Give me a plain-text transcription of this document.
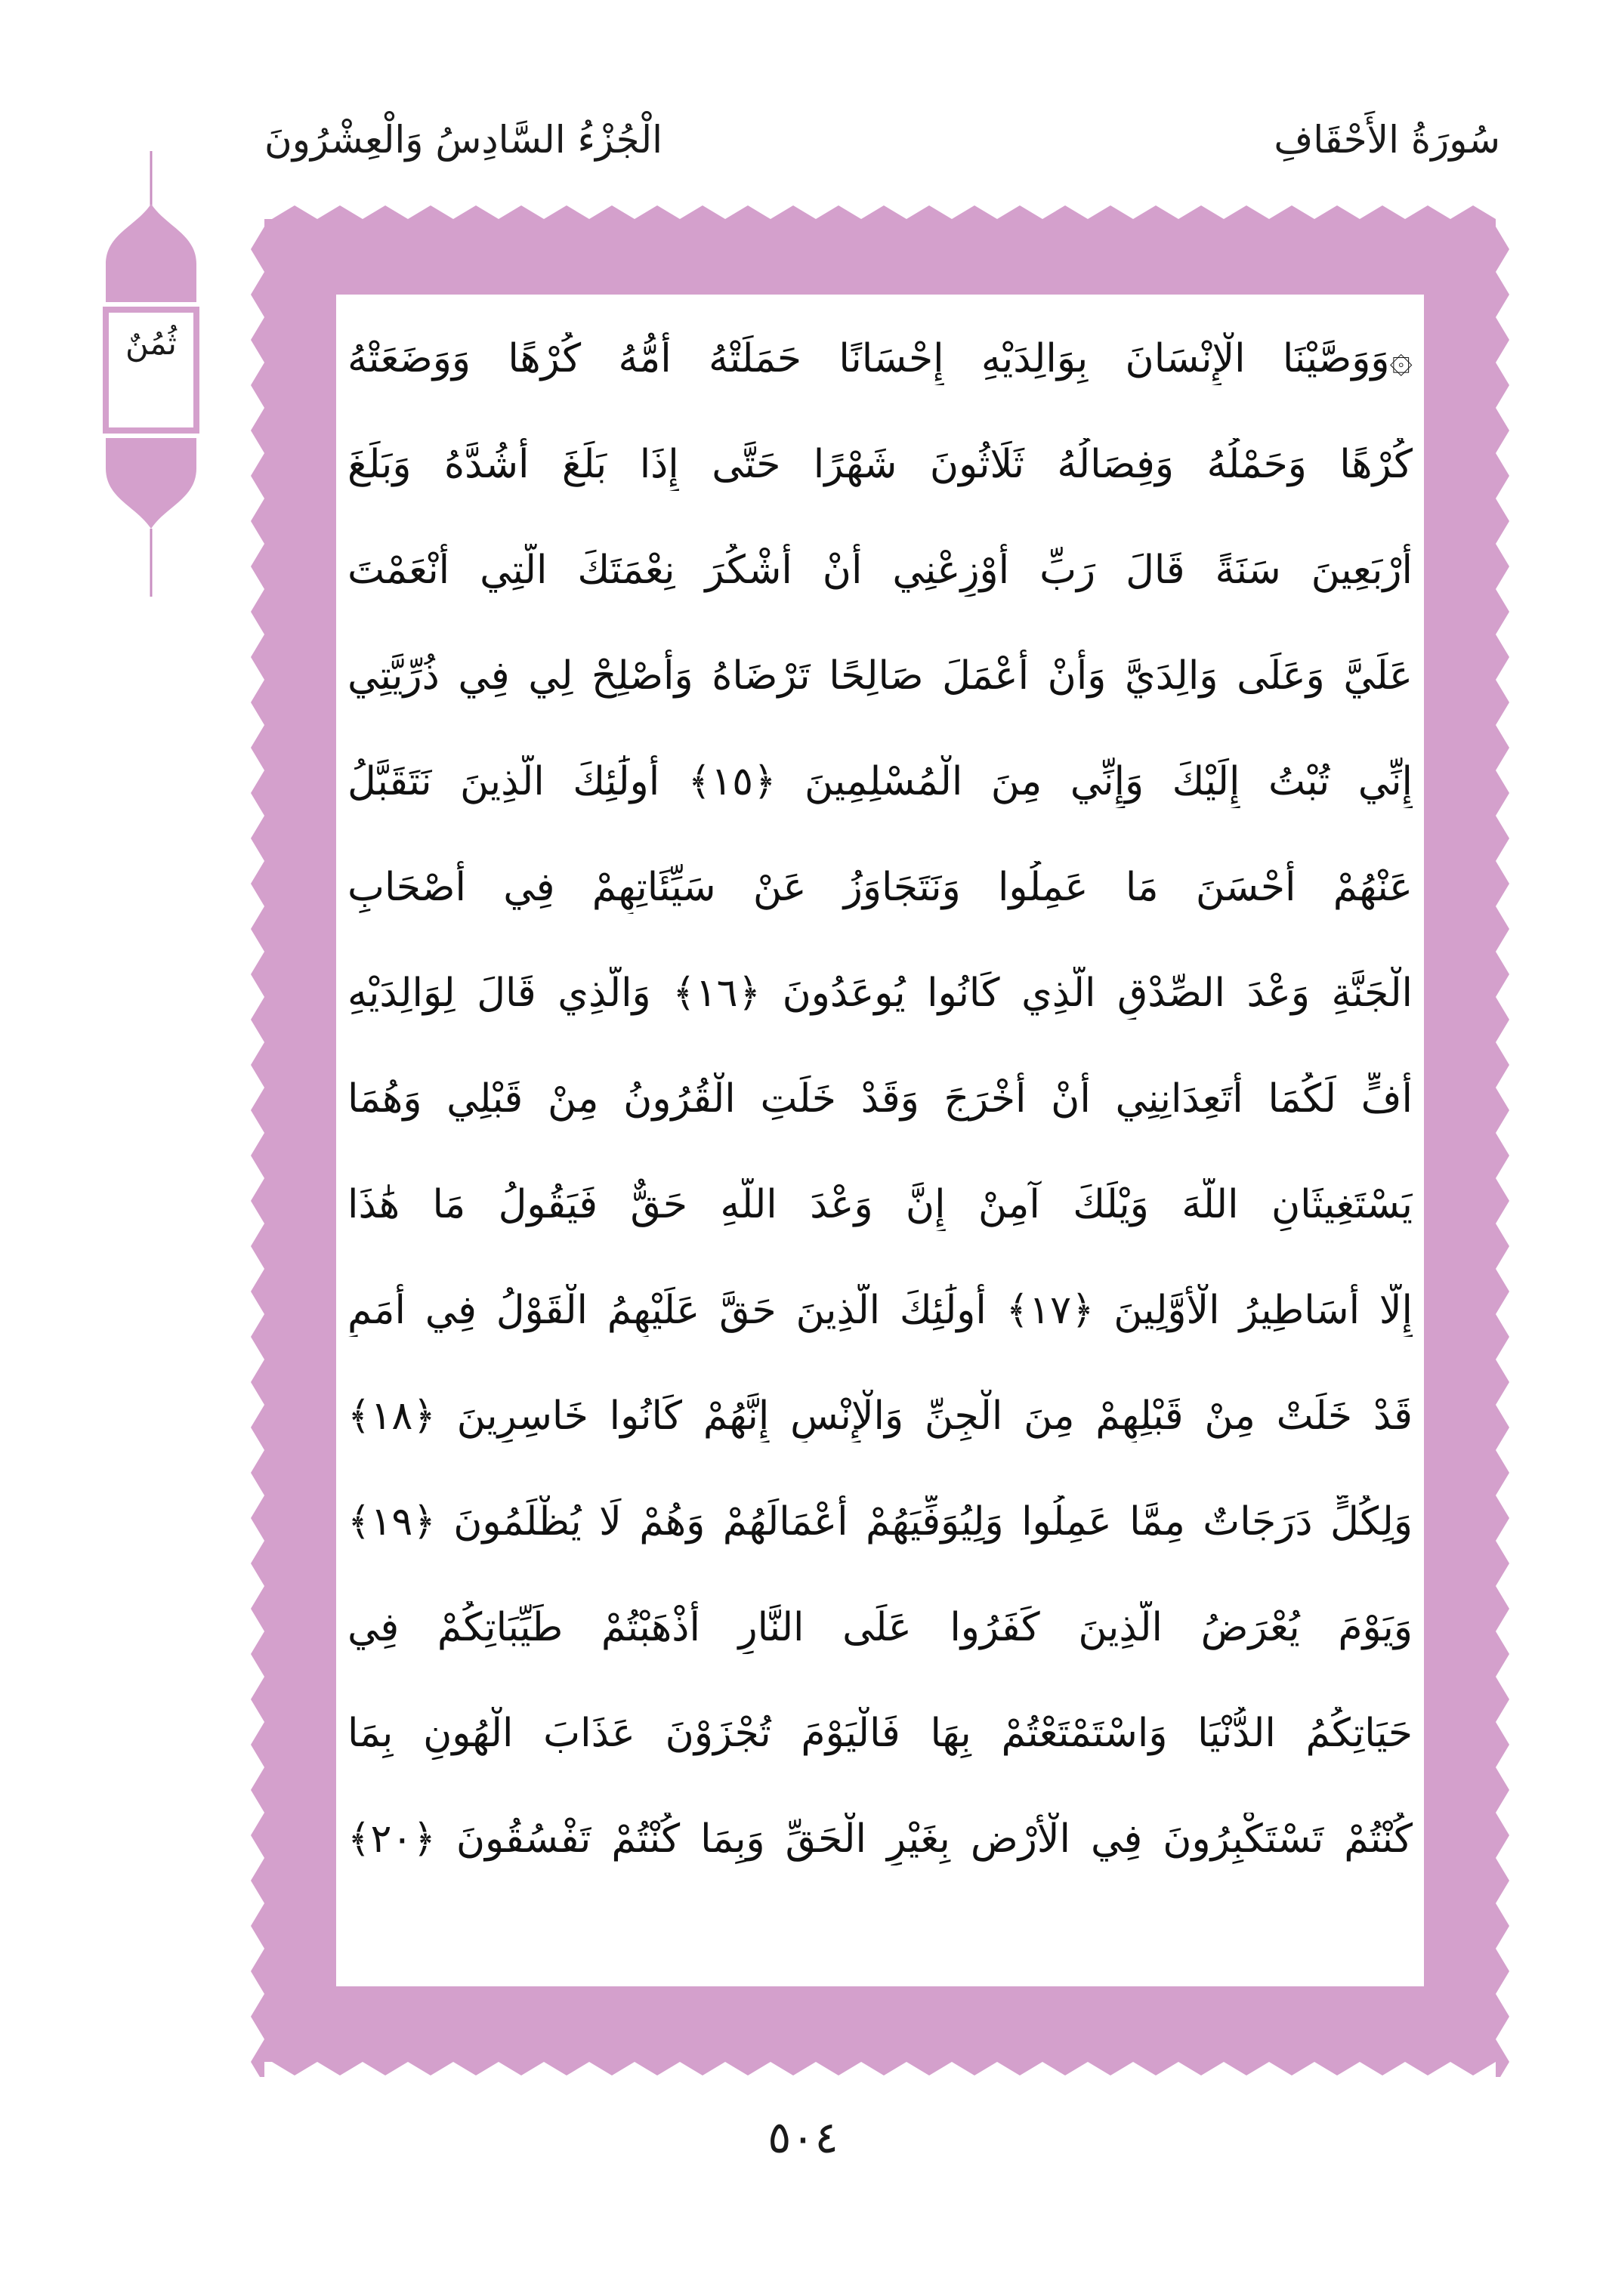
سُورَةُ الأَحْقَافِ
الْجُزْءُ السَّادِسُ وَالْعِشْرُونَ
ثُمُنٌ	۞وَوَصَّيْنَا الْإِنْسَانَ بِوَالِدَيْهِ إِحْسَانًا حَمَلَتْهُ أُمُّهُ كُرْهًا وَوَضَعَتْهُ
كُرْهًا وَحَمْلُهُ وَفِصَالُهُ ثَلَاثُونَ شَهْرًا حَتَّى إِذَا بَلَغَ أَشُدَّهُ وَبَلَغَ
أَرْبَعِينَ سَنَةً قَالَ رَبِّ أَوْزِعْنِي أَنْ أَشْكُرَ نِعْمَتَكَ الَّتِي أَنْعَمْتَ
عَلَيَّ وَعَلَى وَالِدَيَّ وَأَنْ أَعْمَلَ صَالِحًا تَرْضَاهُ وَأَصْلِحْ لِي فِي ذُرِّيَّتِي
إِنِّي تُبْتُ إِلَيْكَ وَإِنِّي مِنَ الْمُسْلِمِينَ ﴿١٥﴾ أُولَٰئِكَ الَّذِينَ نَتَقَبَّلُ
عَنْهُمْ أَحْسَنَ مَا عَمِلُوا وَنَتَجَاوَزُ عَنْ سَيِّئَاتِهِمْ فِي أَصْحَابِ
الْجَنَّةِ وَعْدَ الصِّدْقِ الَّذِي كَانُوا يُوعَدُونَ ﴿١٦﴾ وَالَّذِي قَالَ لِوَالِدَيْهِ
أُفٍّ لَكُمَا أَتَعِدَانِنِي أَنْ أُخْرَجَ وَقَدْ خَلَتِ الْقُرُونُ مِنْ قَبْلِي وَهُمَا
يَسْتَغِيثَانِ اللَّهَ وَيْلَكَ آمِنْ إِنَّ وَعْدَ اللَّهِ حَقٌّ فَيَقُولُ مَا هَٰذَا
إِلَّا أَسَاطِيرُ الْأَوَّلِينَ ﴿١٧﴾ أُولَٰئِكَ الَّذِينَ حَقَّ عَلَيْهِمُ الْقَوْلُ فِي أُمَمٍ
قَدْ خَلَتْ مِنْ قَبْلِهِمْ مِنَ الْجِنِّ وَالْإِنْسِ إِنَّهُمْ كَانُوا خَاسِرِينَ ﴿١٨﴾
وَلِكُلٍّ دَرَجَاتٌ مِمَّا عَمِلُوا وَلِيُوَفِّيَهُمْ أَعْمَالَهُمْ وَهُمْ لَا يُظْلَمُونَ ﴿١٩﴾
وَيَوْمَ يُعْرَضُ الَّذِينَ كَفَرُوا عَلَى النَّارِ أَذْهَبْتُمْ طَيِّبَاتِكُمْ فِي
حَيَاتِكُمُ الدُّنْيَا وَاسْتَمْتَعْتُمْ بِهَا فَالْيَوْمَ تُجْزَوْنَ عَذَابَ الْهُونِ بِمَا
كُنْتُمْ تَسْتَكْبِرُونَ فِي الْأَرْضِ بِغَيْرِ الْحَقِّ وَبِمَا كُنْتُمْ تَفْسُقُونَ ﴿٢٠﴾
٥٠٤
